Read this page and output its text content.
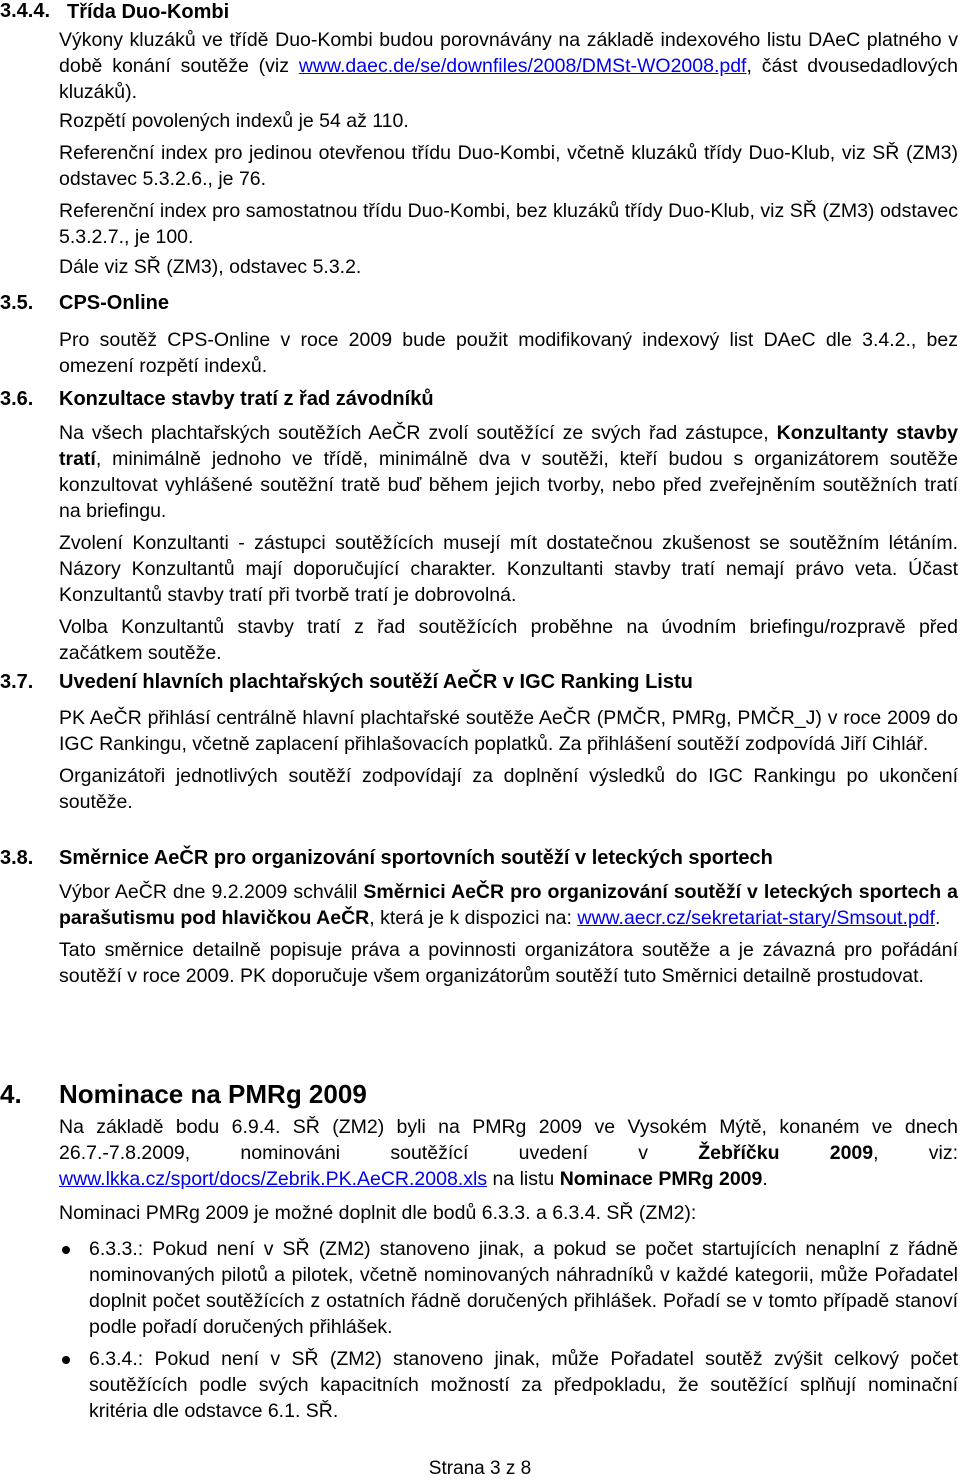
3.4.4. Třída Duo-Kombi

Výkony kluzáků ve třídě Duo-Kombi budou porovnávány na základě indexového listu DAeC platného v době konání soutěže (viz www.daec.de/se/downfiles/2008/DMSt-WO2008.pdf, část dvousedadlových kluzáků).

Rozpětí povolených indexů je 54 až 110.

Referenční index pro jedinou otevřenou třídu Duo-Kombi, včetně kluzáků třídy Duo-Klub, viz SŘ (ZM3) odstavec 5.3.2.6., je 76.

Referenční index pro samostatnou třídu Duo-Kombi, bez kluzáků třídy Duo-Klub, viz SŘ (ZM3) odstavec 5.3.2.7., je 100.

Dále viz SŘ (ZM3), odstavec 5.3.2.

3.5.	CPS-Online

Pro soutěž CPS-Online v roce 2009 bude použit modifikovaný indexový list DAeC dle 3.4.2., bez omezení rozpětí indexů.

3.6.	Konzultace stavby tratí z řad závodníků

Na všech plachtařských soutěžích AeČR zvolí soutěžící ze svých řad zástupce, Konzultanty stavby tratí, minimálně jednoho ve třídě, minimálně dva v soutěži, kteří budou s organizátorem soutěže konzultovat vyhlášené soutěžní tratě buď během jejich tvorby, nebo před zveřejněním soutěžních tratí na briefingu.

Zvolení Konzultanti - zástupci soutěžících musejí mít dostatečnou zkušenost se soutěžním létáním. Názory Konzultantů mají doporučující charakter. Konzultanti stavby tratí nemají právo veta. Účast Konzultantů stavby tratí při tvorbě tratí je dobrovolná.

Volba Konzultantů stavby tratí z řad soutěžících proběhne na úvodním briefingu/rozpravě před začátkem soutěže.

3.7.	Uvedení hlavních plachtařských soutěží AeČR v IGC Ranking Listu

PK AeČR přihlásí centrálně hlavní plachtařské soutěže AeČR (PMČR, PMRg, PMČR_J) v roce 2009 do IGC Rankingu, včetně zaplacení přihlašovacích poplatků. Za přihlášení soutěží zodpovídá Jiří Cihlář.

Organizátoři jednotlivých soutěží zodpovídají za doplnění výsledků do IGC Rankingu po ukončení soutěže.

3.8.	Směrnice AeČR pro organizování sportovních soutěží v leteckých sportech

Výbor AeČR dne 9.2.2009 schválil Směrnici AeČR pro organizování soutěží v leteckých sportech a parašutismu pod hlavičkou AeČR, která je k dispozici na: www.aecr.cz/sekretariat-stary/Smsout.pdf.

Tato směrnice detailně popisuje práva a povinnosti organizátora soutěže a je závazná pro pořádání soutěží v roce 2009. PK doporučuje všem organizátorům soutěží tuto Směrnici detailně prostudovat.

4.	Nominace na PMRg 2009

Na základě bodu 6.9.4. SŘ (ZM2) byli na PMRg 2009 ve Vysokém Mýtě, konaném ve dnech 26.7.-7.8.2009, nominováni soutěžící uvedení v Žebříčku 2009, viz: www.lkka.cz/sport/docs/Zebrik.PK.AeCR.2008.xls na listu Nominace PMRg 2009.

Nominaci PMRg 2009 je možné doplnit dle bodů 6.3.3. a 6.3.4. SŘ (ZM2):

6.3.3.: Pokud není v SŘ (ZM2) stanoveno jinak, a pokud se počet startujících nenaplní z řádně nominovaných pilotů a pilotek, včetně nominovaných náhradníků v každé kategorii, může Pořadatel doplnit počet soutěžících z ostatních řádně doručených přihlášek. Pořadí se v tomto případě stanoví podle pořadí doručených přihlášek.
6.3.4.: Pokud není v SŘ (ZM2) stanoveno jinak, může Pořadatel soutěž zvýšit celkový počet soutěžících podle svých kapacitních možností za předpokladu, že soutěžící splňují nominační kritéria dle odstavce 6.1. SŘ.
Strana 3 z 8
